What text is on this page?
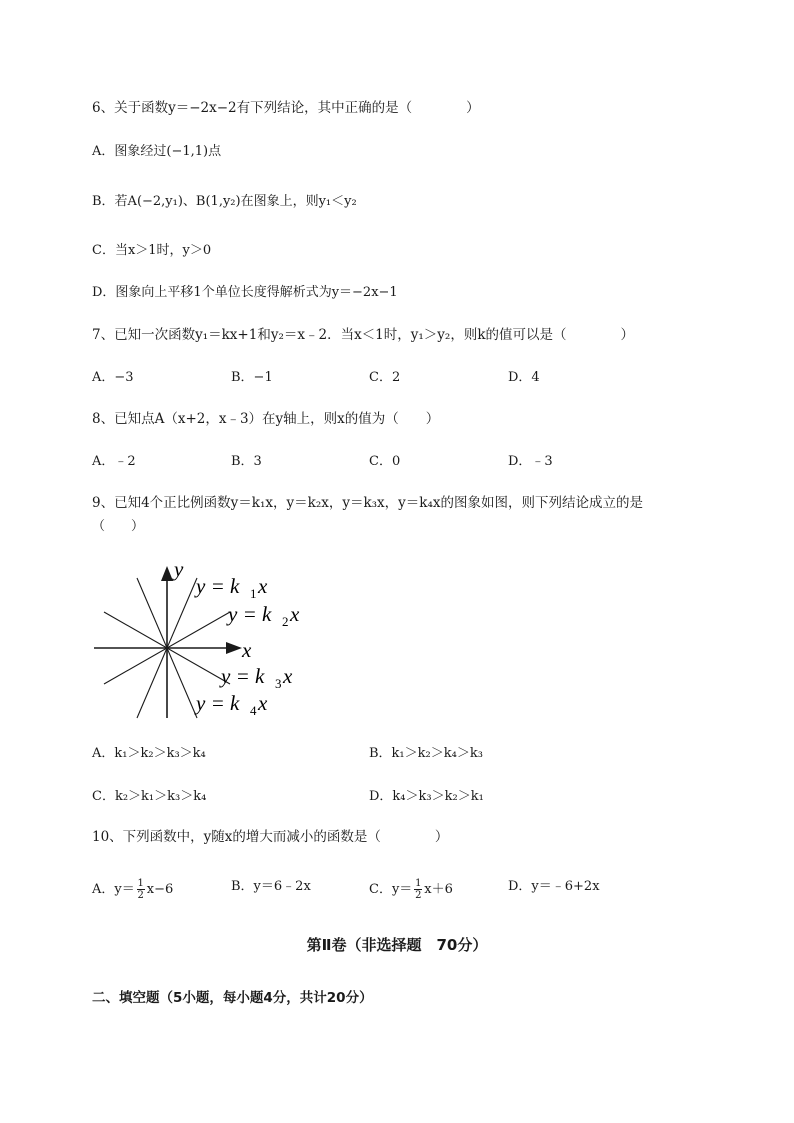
6、关于函数y＝−2x−2有下列结论，其中正确的是（　　　　）
A．图象经过(−1,1)点
B．若A(−2,y₁)、B(1,y₂)在图象上，则y₁＜y₂
C．当x＞1时，y＞0
D．图象向上平移1个单位长度得解析式为y＝−2x−1
7、已知一次函数y₁＝kx+1和y₂＝x﹣2．当x＜1时，y₁＞y₂，则k的值可以是（　　　　）
A．−3	B．−1	C．2	D．4
8、已知点A（x+2，x﹣3）在y轴上，则x的值为（　　）
A．﹣2	B．3	C．0	D．﹣3
9、已知4个正比例函数y＝k₁x，y＝k₂x，y＝k₃x，y＝k₄x的图象如图，则下列结论成立的是
（　　）
y
x
y = k 1 x
y = k 2 x
y = k 3 x
y = k 4 x
A．k₁＞k₂＞k₃＞k₄	B．k₁＞k₂＞k₄＞k₃
C．k₂＞k₁＞k₃＞k₄	D．k₄＞k₃＞k₂＞k₁
10、下列函数中，y随x的增大而减小的函数是（　　　　）
A．$y= \frac{1}{2} x-6$	B．y＝6﹣2x	C．$y= \frac{1}{2} x+6$	D．y＝﹣6+2x
第Ⅱ卷（非选择题　70分）
二、填空题（5小题，每小题4分，共计20分）
